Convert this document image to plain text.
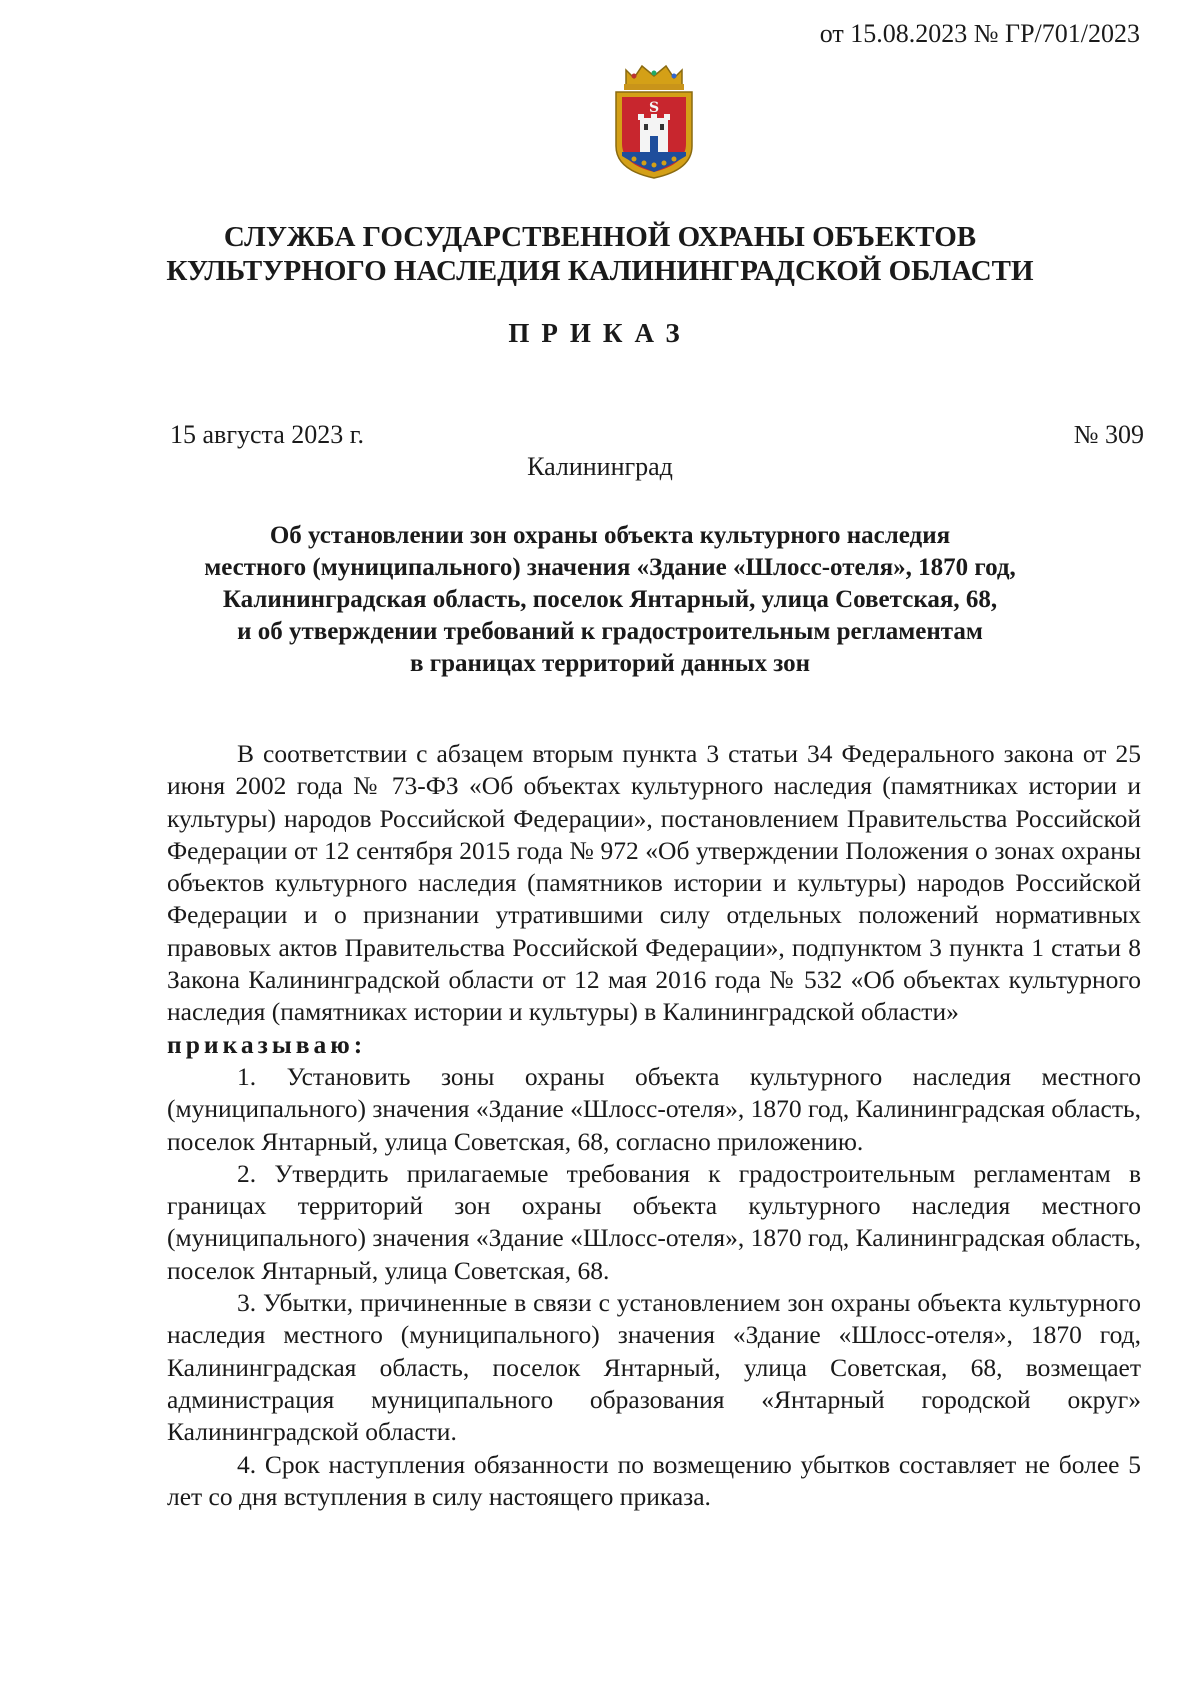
от 15.08.2023 № ГР/701/2023
S
СЛУЖБА ГОСУДАРСТВЕННОЙ ОХРАНЫ ОБЪЕКТОВ
КУЛЬТУРНОГО НАСЛЕДИЯ КАЛИНИНГРАДСКОЙ ОБЛАСТИ
ПРИКАЗ
15 августа 2023 г.	№ 309
Калининград
Об установлении зон охраны объекта культурного наследия
местного (муниципального) значения «Здание «Шлосс-отеля», 1870 год,
Калининградская область, поселок Янтарный, улица Советская, 68,
и об утверждении требований к градостроительным регламентам
в границах территорий данных зон

В соответствии с абзацем вторым пункта 3 статьи 34 Федерального закона от 25 июня 2002 года № 73-ФЗ «Об объектах культурного наследия (памятниках истории и культуры) народов Российской Федерации», постановлением Правительства Российской Федерации от 12 сентября 2015 года № 972 «Об утверждении Положения о зонах охраны объектов культурного наследия (памятников истории и культуры) народов Российской Федерации и о признании утратившими силу отдельных положений нормативных правовых актов Правительства Российской Федерации», подпунктом 3 пункта 1 статьи 8 Закона Калининградской области от 12 мая 2016 года № 532 «Об объектах культурного наследия (памятниках истории и культуры) в Калининградской области»

приказываю:

1. Установить зоны охраны объекта культурного наследия местного (муниципального) значения «Здание «Шлосс-отеля», 1870 год, Калининградская область, поселок Янтарный, улица Советская, 68, согласно приложению.

2. Утвердить прилагаемые требования к градостроительным регламентам в границах территорий зон охраны объекта культурного наследия местного (муниципального) значения «Здание «Шлосс-отеля», 1870 год, Калининградская область, поселок Янтарный, улица Советская, 68.

3. Убытки, причиненные в связи с установлением зон охраны объекта культурного наследия местного (муниципального) значения «Здание «Шлосс-отеля», 1870 год, Калининградская область, поселок Янтарный, улица Советская, 68, возмещает администрация муниципального образования «Янтарный городской округ» Калининградской области.

4. Срок наступления обязанности по возмещению убытков составляет не более 5 лет со дня вступления в силу настоящего приказа.
